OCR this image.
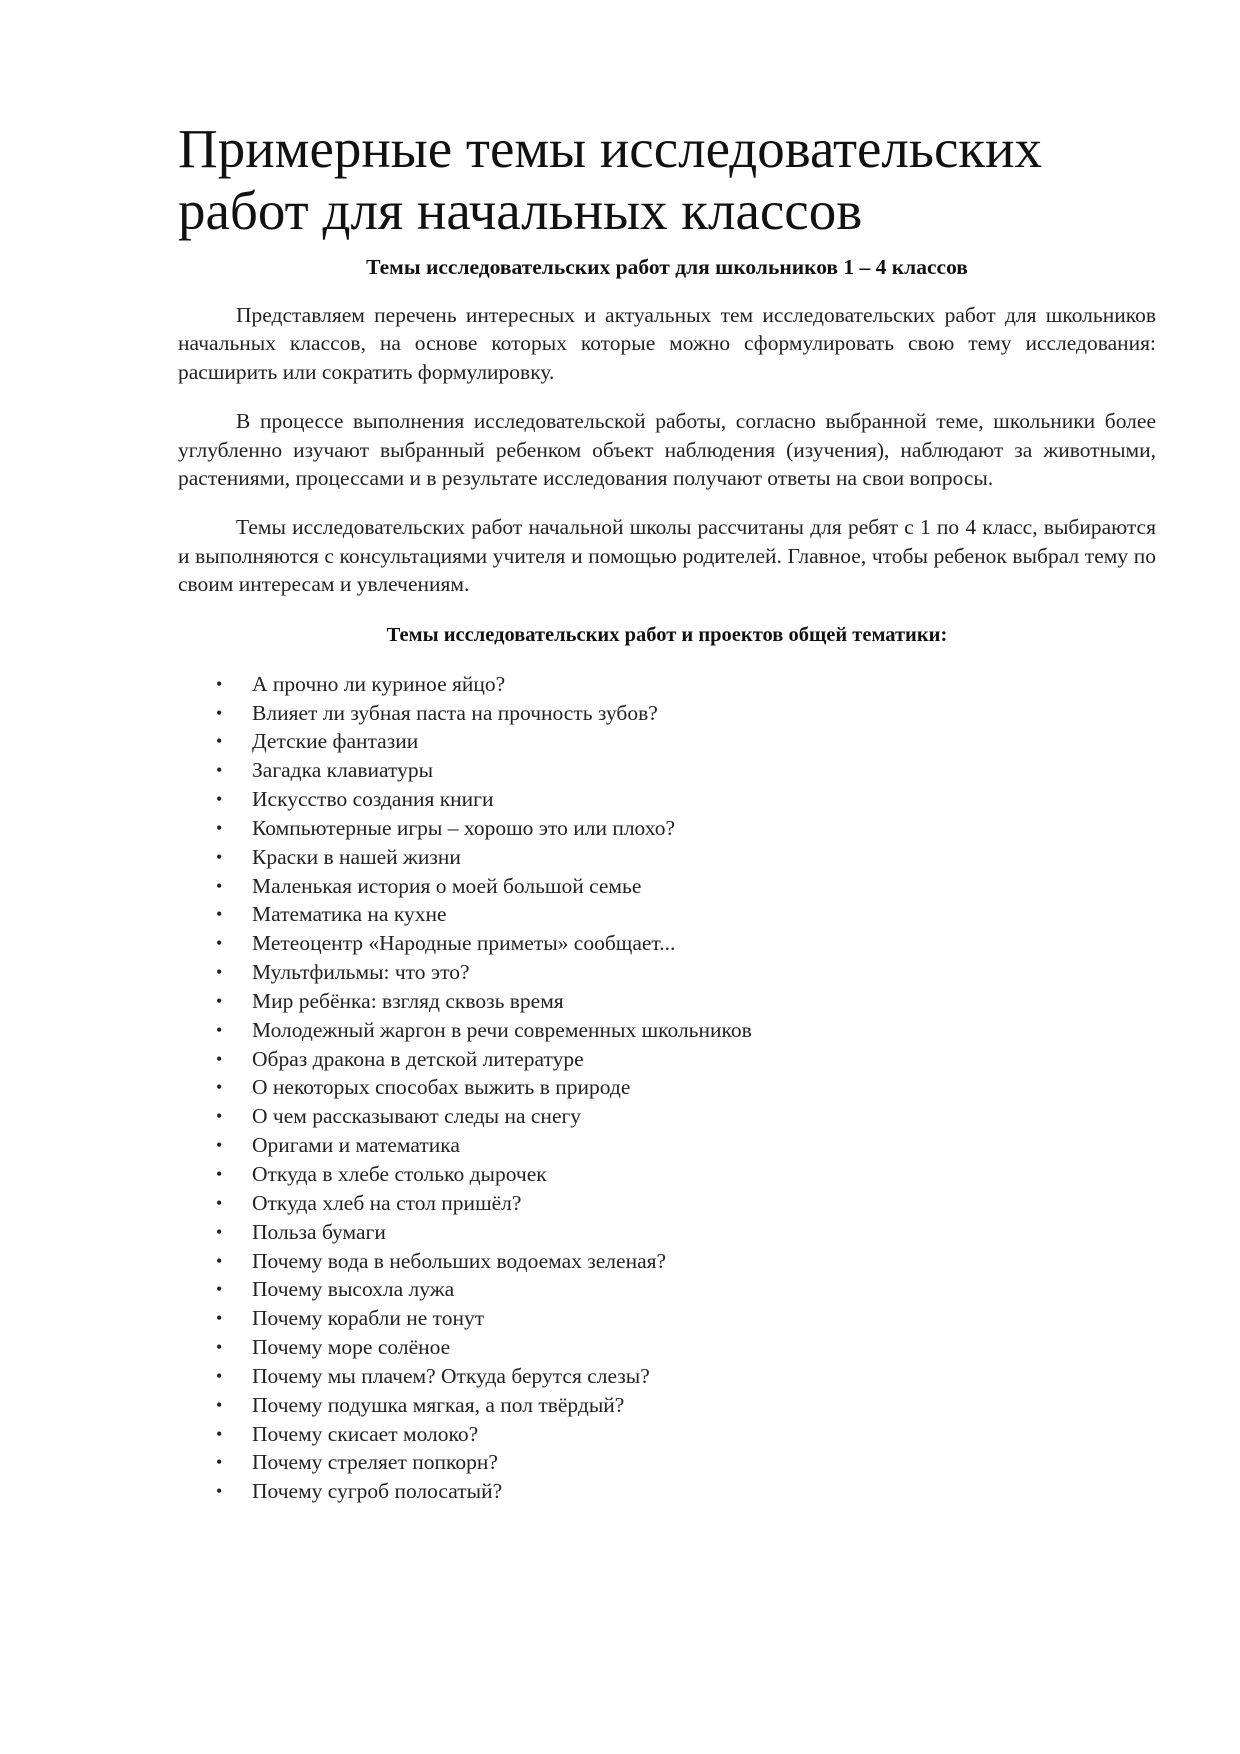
Примерные темы исследовательских работ для начальных классов
Темы исследовательских работ для школьников 1 – 4 классов

Представляем перечень интересных и актуальных тем исследовательских работ для школьников начальных классов, на основе которых которые можно сформулировать свою тему исследования: расширить или сократить формулировку.

В процессе выполнения исследовательской работы, согласно выбранной теме, школьники более углубленно изучают выбранный ребенком объект наблюдения (изучения), наблюдают за животными, растениями, процессами и в результате исследования получают ответы на свои вопросы.

Темы исследовательских работ начальной школы рассчитаны для ребят с 1 по 4 класс, выбираются и выполняются с консультациями учителя и помощью родителей. Главное, чтобы ребенок выбрал тему по своим интересам и увлечениям.

Темы исследовательских работ и проектов общей тематики:
• А прочно ли куриное яйцо?
• Влияет ли зубная паста на прочность зубов?
• Детские фантазии
• Загадка клавиатуры
• Искусство создания книги
• Компьютерные игры – хорошо это или плохо?
• Краски в нашей жизни
• Маленькая история о моей большой семье
• Математика на кухне
• Метеоцентр «Народные приметы» сообщает...
• Мультфильмы: что это?
• Мир ребёнка: взгляд сквозь время
• Молодежный жаргон в речи современных школьников
• Образ дракона в детской литературе
• О некоторых способах выжить в природе
• О чем рассказывают следы на снегу
• Оригами и математика
• Откуда в хлебе столько дырочек
• Откуда хлеб на стол пришёл?
• Польза бумаги
• Почему вода в небольших водоемах зеленая?
• Почему высохла лужа
• Почему корабли не тонут
• Почему море солёное
• Почему мы плачем? Откуда берутся слезы?
• Почему подушка мягкая, а пол твёрдый?
• Почему скисает молоко?
• Почему стреляет попкорн?
• Почему сугроб полосатый?
